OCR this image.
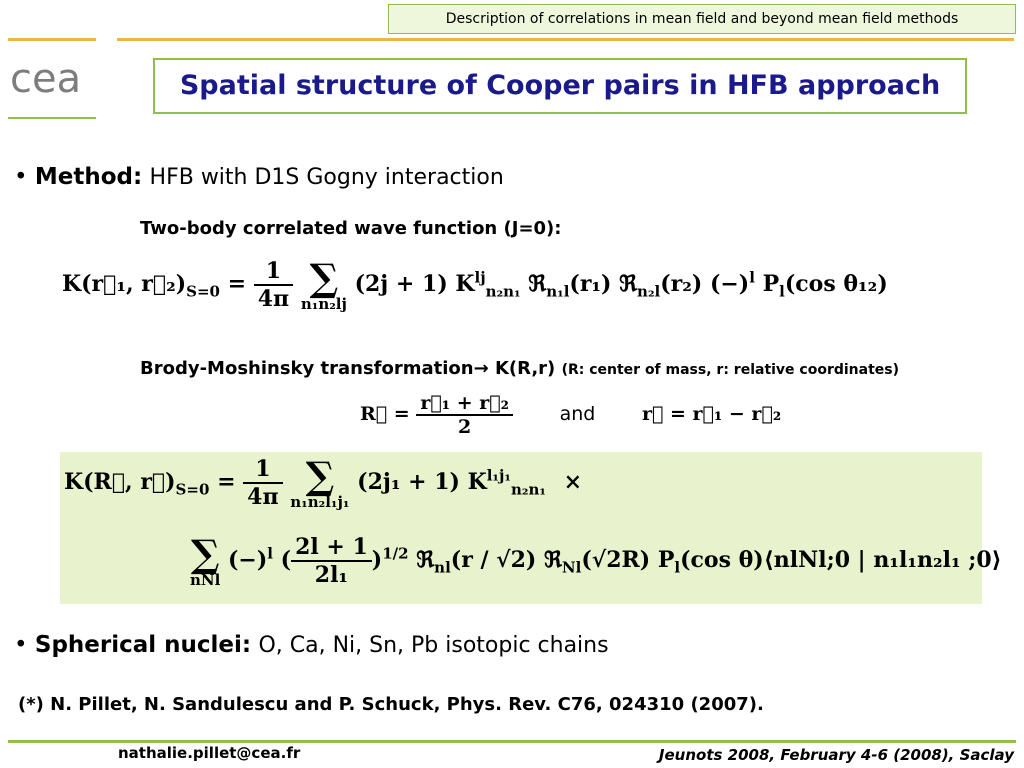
Description of correlations in mean field and beyond mean field methods
cea	Spatial structure of Cooper pairs in HFB approach
• Method: HFB with D1S Gogny interaction
Two-body correlated wave function (J=0):
K(r⃗₁, $r⃗_2)_{S=0} = \frac{1}{4\pi}$
∑
n₁n₂lj
(2j + 1) $K^{lj}_{n_2n_1}$ ℜ$_{n_1l}$(r₁) ℜ$_{n_2l}$(r₂) $(-)^l$ $P_l(\cos$ θ₁₂)
Brody-Moshinsky transformation→ K(R,r) (R: center of mass, r: relative coordinates)
R⃗ = $\frac{\text{r⃗₁ + r⃗₂}}{2}$ and r⃗ = r⃗₁ − r⃗₂
K(R⃗, $r⃗)_{S=0} = \frac{1}{4\pi}$
∑
n₁n₂l₁j₁
(2j₁ + 1) $K^{l_1j_1}_{n_2n_1}$ ×
∑
nNl
$(-)^l$ ( $\frac{2l + 1}{\text{2l₁}} )^{1/2}$ ℜ$_{nl}$(r / √2) ℜ$_{Nl}$(√2R) $P_l(\cos$ θ)⟨nlNl;0 | n₁l₁n₂l₁ ;0⟩
• Spherical nuclei: O, Ca, Ni, Sn, Pb isotopic chains
(*) N. Pillet, N. Sandulescu and P. Schuck, Phys. Rev. C76, 024310 (2007).
nathalie.pillet@cea.fr	Jeunots 2008, February 4-6 (2008), Saclay
